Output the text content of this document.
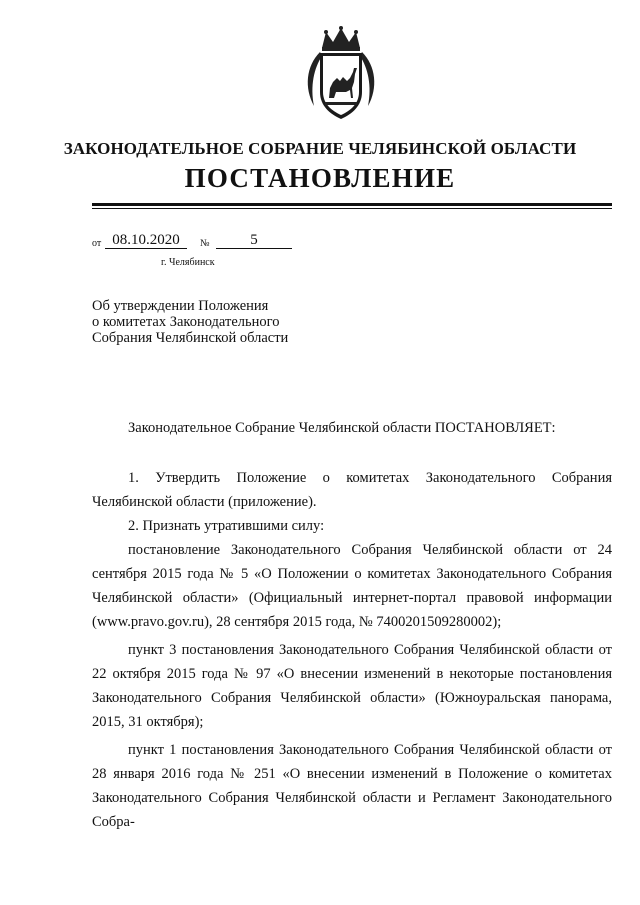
ЗАКОНОДАТЕЛЬНОЕ СОБРАНИЕ ЧЕЛЯБИНСКОЙ ОБЛАСТИ
ПОСТАНОВЛЕНИЕ
от 08.10.2020	№	5
г. Челябинск
Об утверждении Положения
о комитетах Законодательного
Собрания Челябинской области
Законодательное Собрание Челябинской области ПОСТАНОВЛЯЕТ:

1. Утвердить Положение о комитетах Законодательного Собрания Челябинской области (приложение).

2. Признать утратившими силу:

постановление Законодательного Собрания Челябинской области от 24 сентября 2015 года № 5 «О Положении о комитетах Законодательного Собрания Челябинской области» (Официальный интернет-портал правовой информации (www.pravo.gov.ru), 28 сентября 2015 года, № 7400201509280002);

пункт 3 постановления Законодательного Собрания Челябинской области от 22 октября 2015 года № 97 «О внесении изменений в некоторые постановления Законодательного Собрания Челябинской области» (Южноуральская панорама, 2015, 31 октября);

пункт 1 постановления Законодательного Собрания Челябинской области от 28 января 2016 года № 251 «О внесении изменений в Положение о комитетах Законодательного Собрания Челябинской области и Регламент Законодательного Собра-
